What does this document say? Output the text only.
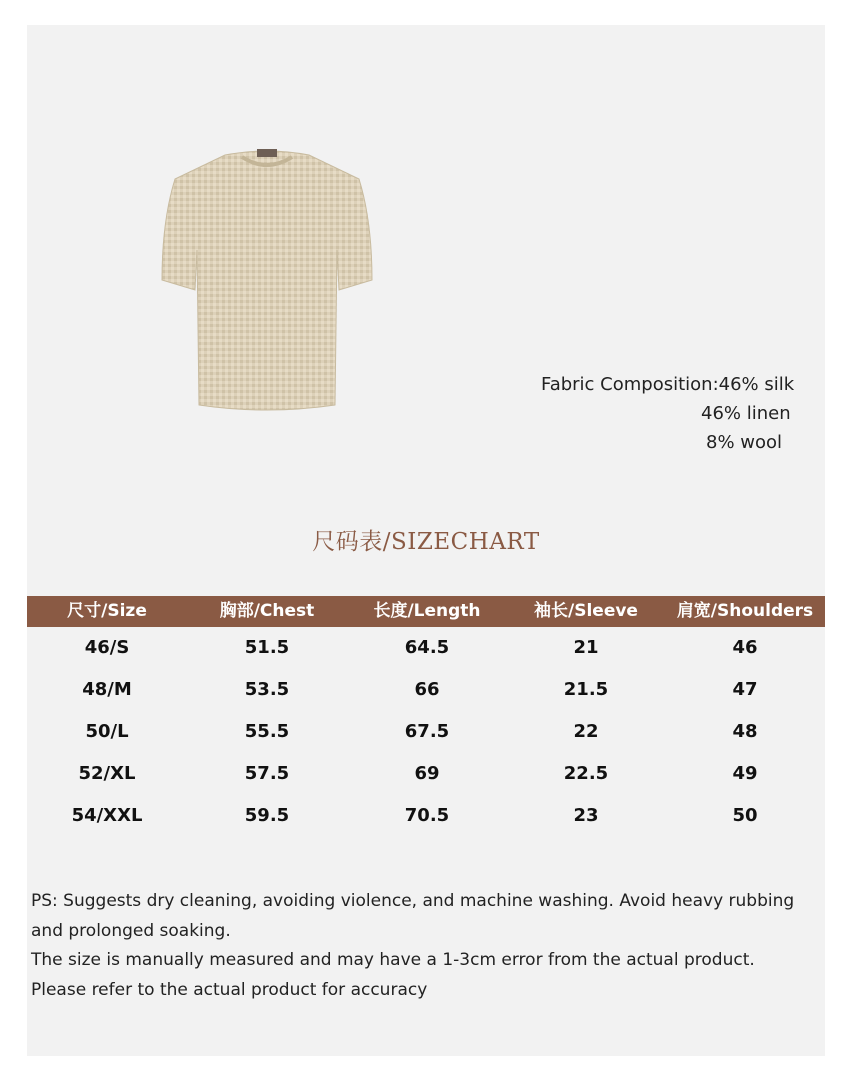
Fabric Composition:46% silk
46% linen
8% wool
尺码表/SIZECHART
尺寸/Size	胸部/Chest	长度/Length	袖长/Sleeve	肩宽/Shoulders
46/S	51.5	64.5	21	46
48/M	53.5	66	21.5	47
50/L	55.5	67.5	22	48
52/XL	57.5	69	22.5	49
54/XXL	59.5	70.5	23	50

PS: Suggests dry cleaning, avoiding violence, and machine washing. Avoid heavy rubbing and prolonged soaking.

The size is manually measured and may have a 1-3cm error from the actual product.

Please refer to the actual product for accuracy
